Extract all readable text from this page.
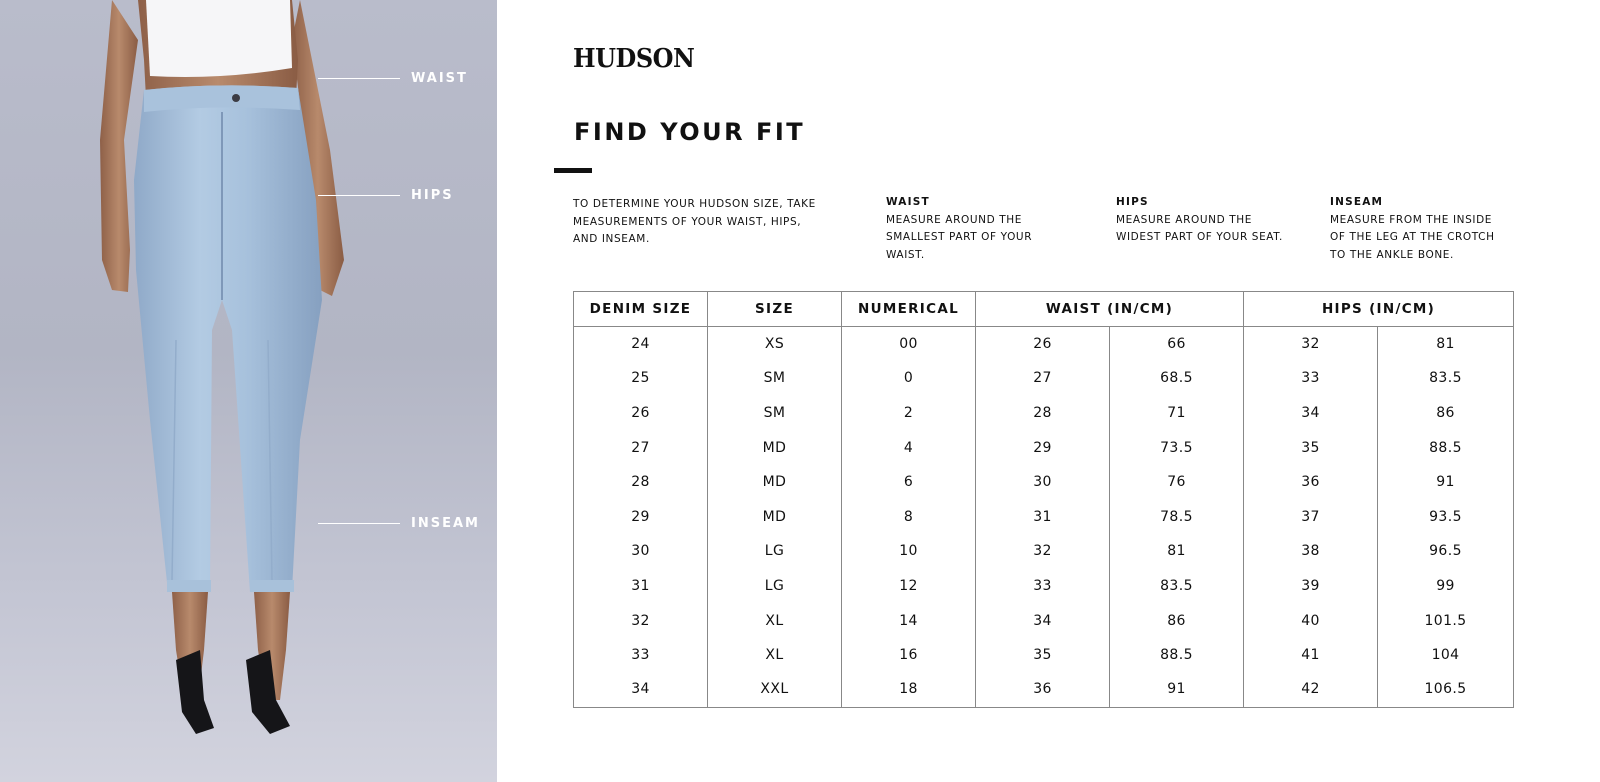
WAIST
HIPS
INSEAM
HUDSON
FIND YOUR FIT
TO DETERMINE YOUR HUDSON SIZE, TAKE MEASUREMENTS OF YOUR WAIST, HIPS, AND INSEAM.
WAIST
MEASURE AROUND THE SMALLEST PART OF YOUR WAIST.
HIPS
MEASURE AROUND THE WIDEST PART OF YOUR SEAT.
INSEAM
MEASURE FROM THE INSIDE OF THE LEG AT THE CROTCH TO THE ANKLE BONE.
DENIM SIZE	SIZE	NUMERICAL	WAIST (IN/CM)		HIPS (IN/CM)	
24	XS	00	26	66	32	81
25	SM	0	27	68.5	33	83.5
26	SM	2	28	71	34	86
27	MD	4	29	73.5	35	88.5
28	MD	6	30	76	36	91
29	MD	8	31	78.5	37	93.5
30	LG	10	32	81	38	96.5
31	LG	12	33	83.5	39	99
32	XL	14	34	86	40	101.5
33	XL	16	35	88.5	41	104
34	XXL	18	36	91	42	106.5
